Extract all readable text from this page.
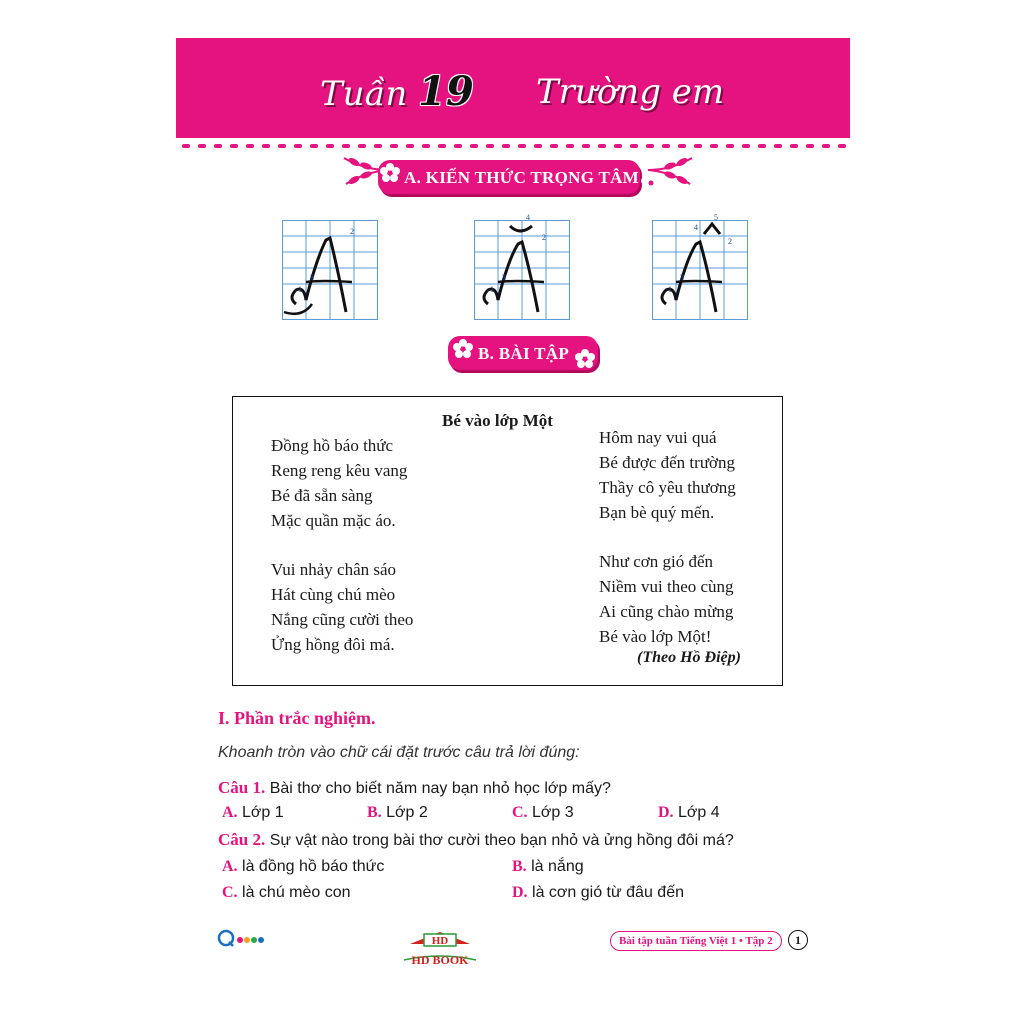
Tuần 19 Trường em
A. KIẾN THỨC TRỌNG TÂM
1
2
3
1
2
3
4
1
2
3
4
5
B. BÀI TẬP
Bé vào lớp Một
Đồng hồ báo thức
Reng reng kêu vang
Bé đã sẵn sàng
Mặc quần mặc áo.
Vui nhảy chân sáo
Hát cùng chú mèo
Nắng cũng cười theo
Ửng hồng đôi má.
Hôm nay vui quá
Bé được đến trường
Thầy cô yêu thương
Bạn bè quý mến.
Như cơn gió đến
Niềm vui theo cùng
Ai cũng chào mừng
Bé vào lớp Một!
(Theo Hồ Điệp)
I. Phần trắc nghiệm.
Khoanh tròn vào chữ cái đặt trước câu trả lời đúng:
Câu 1. Bài thơ cho biết năm nay bạn nhỏ học lớp mấy?
A. Lớp 1	B. Lớp 2	C. Lớp 3	D. Lớp 4
Câu 2. Sự vật nào trong bài thơ cười theo bạn nhỏ và ửng hồng đôi má?
A. là đồng hồ báo thức	B. là nắng
C. là chú mèo con	D. là cơn gió từ đâu đến
HD
HD BOOK
Bài tập tuần Tiếng Việt 1 • Tập 2	1
